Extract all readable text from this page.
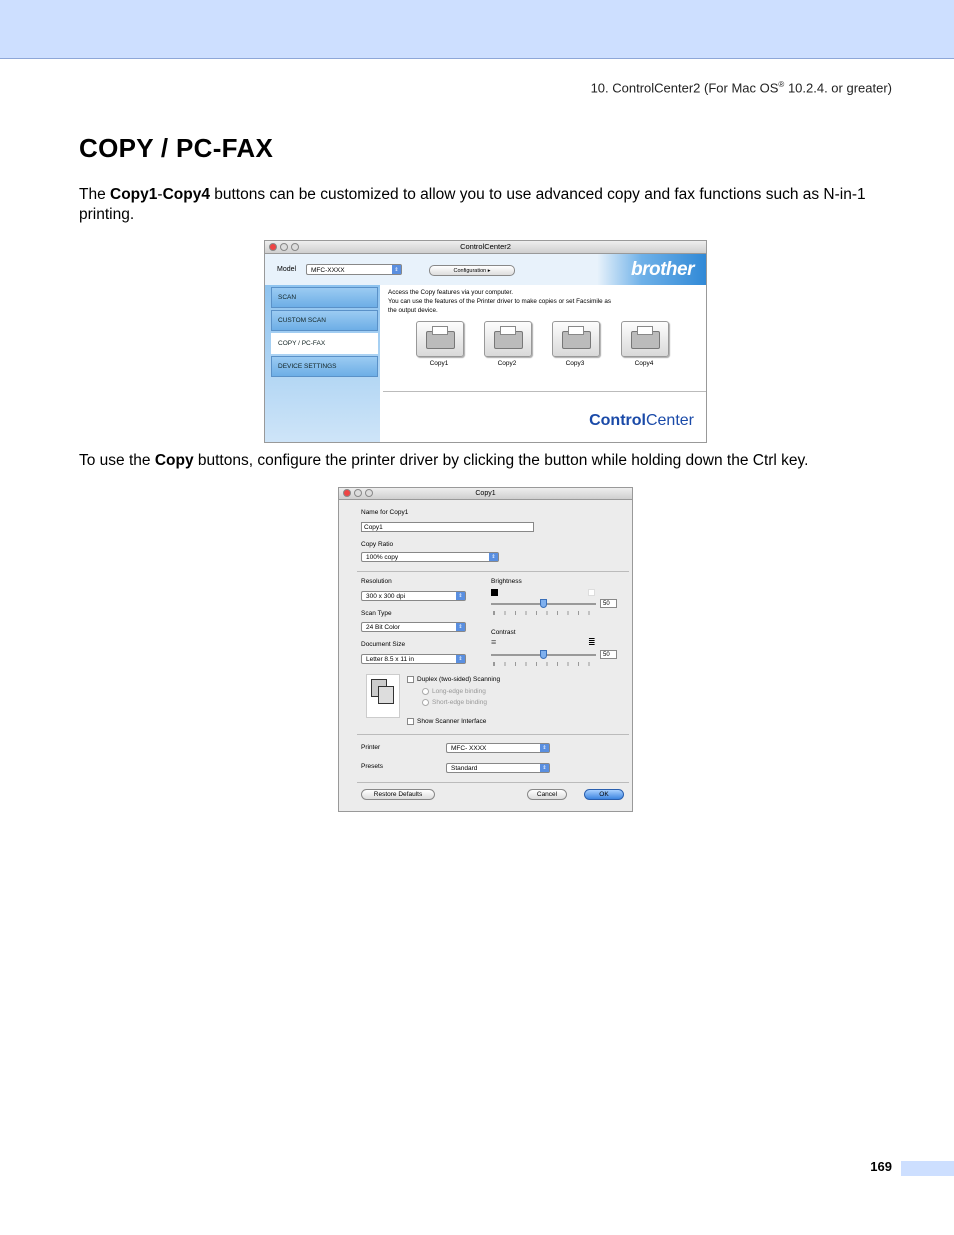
10. ControlCenter2 (For Mac OS® 10.2.4. or greater)
COPY / PC-FAX
The Copy1-Copy4 buttons can be customized to allow you to use advanced copy and fax functions such as N-in-1 printing.
ControlCenter2
Model	MFC-XXXX	⇕	Configuration ▸	brother
SCAN
CUSTOM SCAN
COPY / PC-FAX
DEVICE SETTINGS
Access the Copy features via your computer.
You can use the features of the Printer driver to make copies or set Facsimile as
the output device.
Copy1	Copy2	Copy3	Copy4
ControlCenter
To use the Copy buttons, configure the printer driver by clicking the button while holding down the Ctrl key.
Copy1
Name for Copy1
Copy1
Copy Ratio
100% copy	⇕
Resolution
300 x 300 dpi	⇕
Scan Type
24 Bit Color	⇕
Document Size
Letter 8.5 x 11 in	⇕
Brightness
50
Contrast
≡	≣
50
Duplex (two-sided) Scanning
Long-edge binding
Short-edge binding
Show Scanner Interface
Printer	MFC- XXXX	⇕
Presets	Standard	⇕
Restore Defaults	Cancel	OK
169
